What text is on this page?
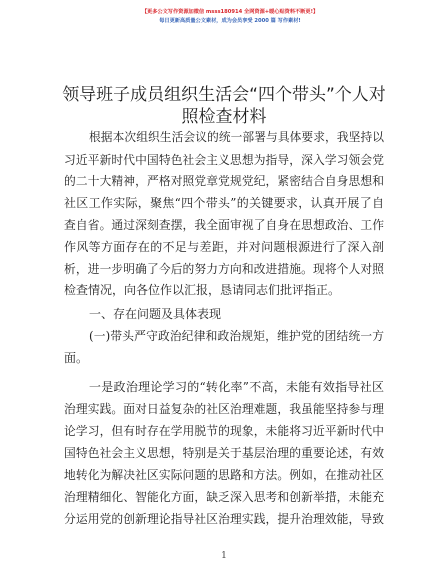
【更多公文写作资源加微信 msss180914 全网资源+暖心贴资料不断更!】
每日更新高质量公文素材，成为会员享受 2000 篇 写作素材!
领导班子成员组织生活会“四个带头”个人对
照检查材料
根据本次组织生活会议的统一部署与具体要求，我坚持以
习近平新时代中国特色社会主义思想为指导，深入学习领会党
的二十大精神，严格对照党章党规党纪，紧密结合自身思想和
社区工作实际，聚焦“四个带头”的关键要求，认真开展了自
查自省。通过深刻查摆，我全面审视了自身在思想政治、工作
作风等方面存在的不足与差距，并对问题根源进行了深入剖
析，进一步明确了今后的努力方向和改进措施。现将个人对照
检查情况，向各位作以汇报，恳请同志们批评指正。
一、存在问题及具体表现
(一)带头严守政治纪律和政治规矩，维护党的团结统一方
面。
一是政治理论学习的“转化率”不高，未能有效指导社区
治理实践。面对日益复杂的社区治理难题，我虽能坚持参与理
论学习，但有时存在学用脱节的现象，未能将习近平新时代中
国特色社会主义思想，特别是关于基层治理的重要论述，有效
地转化为解决社区实际问题的思路和方法。例如，在推动社区
治理精细化、智能化方面，缺乏深入思考和创新举措，未能充
分运用党的创新理论指导社区治理实践，提升治理效能，导致
1
